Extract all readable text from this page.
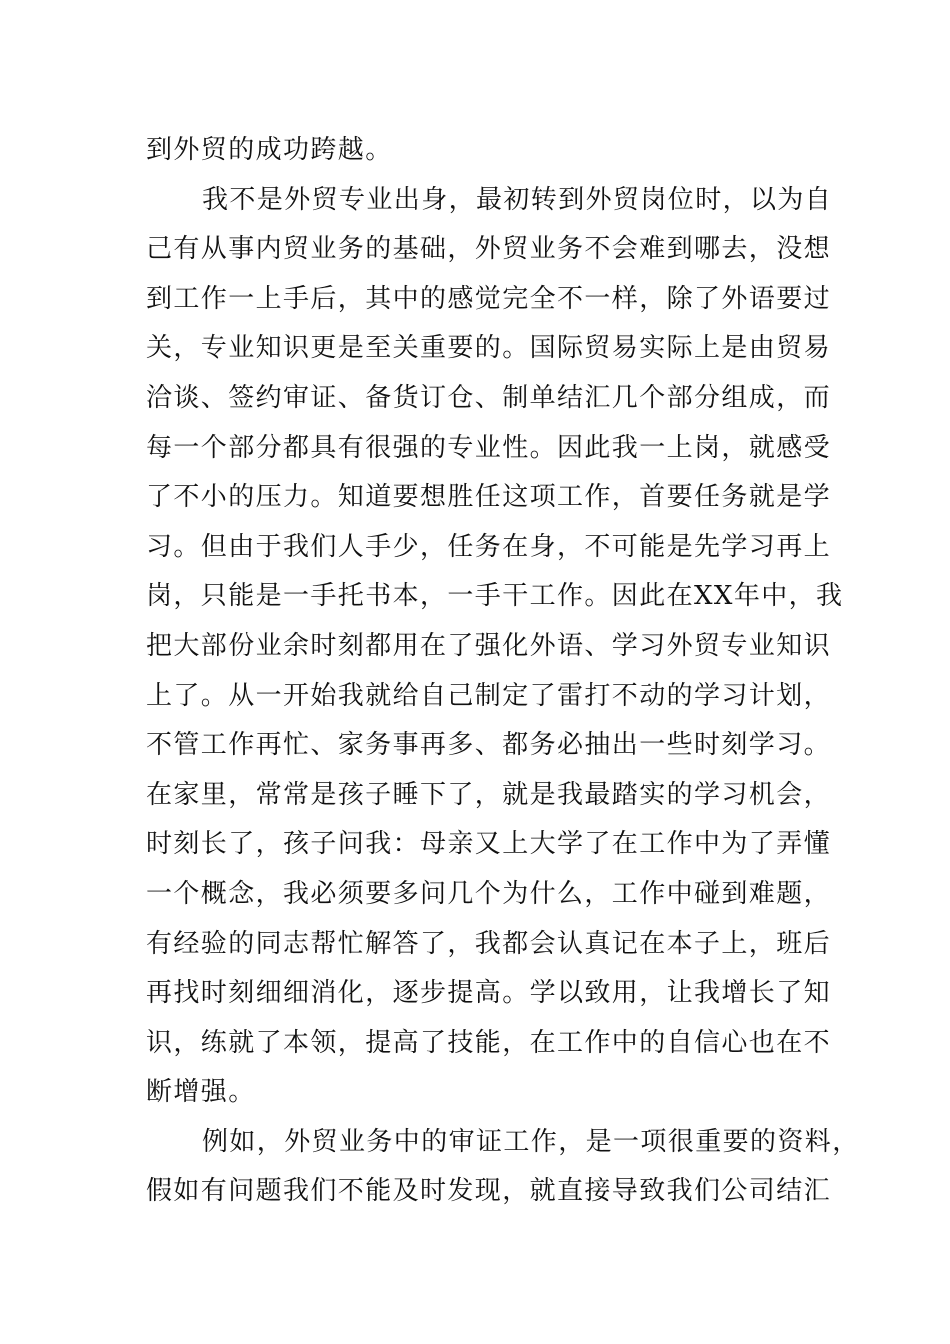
到外贸的成功跨越。
我不是外贸专业出身，最初转到外贸岗位时，以为自
己有从事内贸业务的基础，外贸业务不会难到哪去，没想
到工作一上手后，其中的感觉完全不一样，除了外语要过
关，专业知识更是至关重要的。国际贸易实际上是由贸易
洽谈、签约审证、备货订仓、制单结汇几个部分组成，而
每一个部分都具有很强的专业性。因此我一上岗，就感受
了不小的压力。知道要想胜任这项工作，首要任务就是学
习。但由于我们人手少，任务在身，不可能是先学习再上
岗，只能是一手托书本，一手干工作。因此在XX年中，我
把大部份业余时刻都用在了强化外语、学习外贸专业知识
上了。从一开始我就给自己制定了雷打不动的学习计划，
不管工作再忙、家务事再多、都务必抽出一些时刻学习。
在家里，常常是孩子睡下了，就是我最踏实的学习机会，
时刻长了，孩子问我：母亲又上大学了在工作中为了弄懂
一个概念，我必须要多问几个为什么，工作中碰到难题，
有经验的同志帮忙解答了，我都会认真记在本子上，班后
再找时刻细细消化，逐步提高。学以致用，让我增长了知
识，练就了本领，提高了技能，在工作中的自信心也在不
断增强。
例如，外贸业务中的审证工作，是一项很重要的资料，
假如有问题我们不能及时发现，就直接导致我们公司结汇
